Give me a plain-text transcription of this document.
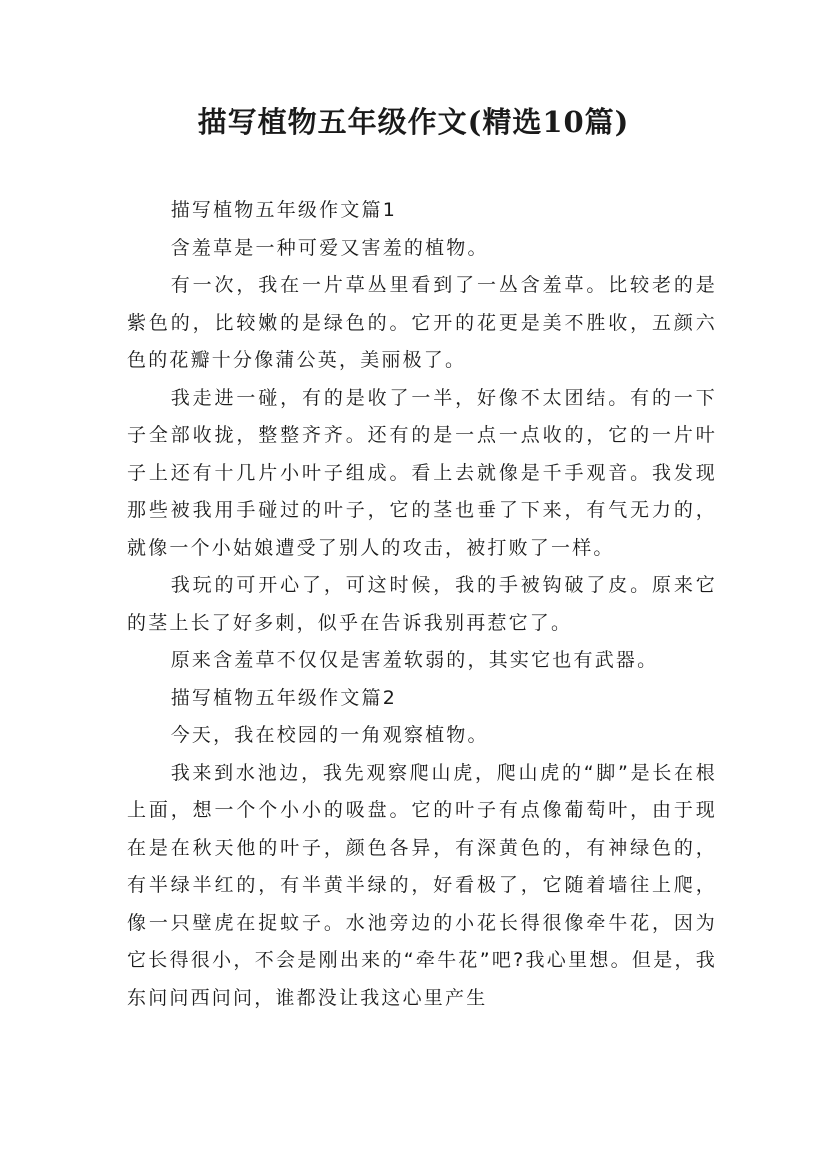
描写植物五年级作文(精选10篇)

描写植物五年级作文篇1

含羞草是一种可爱又害羞的植物。

有一次，我在一片草丛里看到了一丛含羞草。比较老的是紫色的，比较嫩的是绿色的。它开的花更是美不胜收，五颜六色的花瓣十分像蒲公英，美丽极了。

我走进一碰，有的是收了一半，好像不太团结。有的一下子全部收拢，整整齐齐。还有的是一点一点收的，它的一片叶子上还有十几片小叶子组成。看上去就像是千手观音。我发现那些被我用手碰过的叶子，它的茎也垂了下来，有气无力的，就像一个小姑娘遭受了别人的攻击，被打败了一样。

我玩的可开心了，可这时候，我的手被钩破了皮。原来它的茎上长了好多刺，似乎在告诉我别再惹它了。

原来含羞草不仅仅是害羞软弱的，其实它也有武器。

描写植物五年级作文篇2

今天，我在校园的一角观察植物。

我来到水池边，我先观察爬山虎，爬山虎的“脚”是长在根上面，想一个个小小的吸盘。它的叶子有点像葡萄叶，由于现在是在秋天他的叶子，颜色各异，有深黄色的，有神绿色的，有半绿半红的，有半黄半绿的，好看极了，它随着墙往上爬，像一只壁虎在捉蚊子。水池旁边的小花长得很像牵牛花，因为它长得很小，不会是刚出来的“牵牛花”吧?我心里想。但是，我东问问西问问，谁都没让我这心里产生
